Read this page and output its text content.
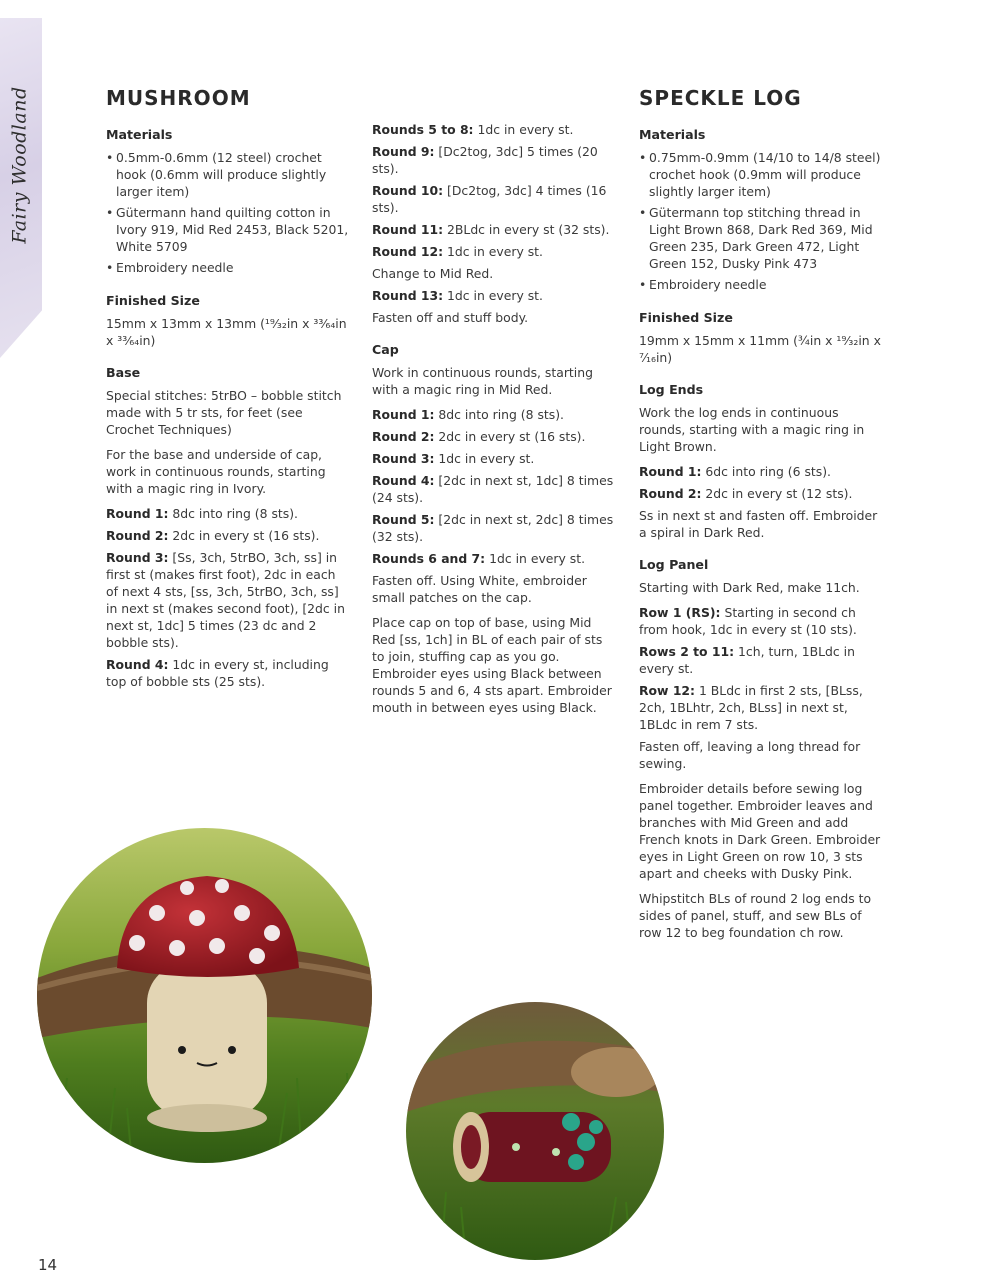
Fairy Woodland	MUSHROOM
Materials
• 0.5mm-0.6mm (12 steel) crochet hook (0.6mm will produce slightly larger item)
• Gütermann hand quilting cotton in Ivory 919, Mid Red 2453, Black 5201, White 5709
• Embroidery needle
Finished Size

15mm x 13mm x 13mm (¹⁹⁄₃₂in x ³³⁄₆₄in x ³³⁄₆₄in)

Base

Special stitches: 5trBO – bobble stitch made with 5 tr sts, for feet (see Crochet Techniques)

For the base and underside of cap, work in continuous rounds, starting with a magic ring in Ivory.

Round 1: 8dc into ring (8 sts).

Round 2: 2dc in every st (16 sts).

Round 3: [Ss, 3ch, 5trBO, 3ch, ss] in first st (makes first foot), 2dc in each of next 4 sts, [ss, 3ch, 5trBO, 3ch, ss] in next st (makes second foot), [2dc in next st, 1dc] 5 times (23 dc and 2 bobble sts).

Round 4: 1dc in every st, including top of bobble sts (25 sts).

Rounds 5 to 8: 1dc in every st.

Round 9: [Dc2tog, 3dc] 5 times (20 sts).

Round 10: [Dc2tog, 3dc] 4 times (16 sts).

Round 11: 2BLdc in every st (32 sts).

Round 12: 1dc in every st.

Change to Mid Red.

Round 13: 1dc in every st.

Fasten off and stuff body.

Cap

Work in continuous rounds, starting with a magic ring in Mid Red.

Round 1: 8dc into ring (8 sts).

Round 2: 2dc in every st (16 sts).

Round 3: 1dc in every st.

Round 4: [2dc in next st, 1dc] 8 times (24 sts).

Round 5: [2dc in next st, 2dc] 8 times (32 sts).

Rounds 6 and 7: 1dc in every st.

Fasten off. Using White, embroider small patches on the cap.

Place cap on top of base, using Mid Red [ss, 1ch] in BL of each pair of sts to join, stuffing cap as you go. Embroider eyes using Black between rounds 5 and 6, 4 sts apart. Embroider mouth in between eyes using Black.

SPECKLE LOG
Materials
• 0.75mm-0.9mm (14/10 to 14/8 steel) crochet hook (0.9mm will produce slightly larger item)
• Gütermann top stitching thread in Light Brown 868, Dark Red 369, Mid Green 235, Dark Green 472, Light Green 152, Dusky Pink 473
• Embroidery needle
Finished Size

19mm x 15mm x 11mm (¾in x ¹⁹⁄₃₂in x ⁷⁄₁₆in)

Log Ends

Work the log ends in continuous rounds, starting with a magic ring in Light Brown.

Round 1: 6dc into ring (6 sts).

Round 2: 2dc in every st (12 sts).

Ss in next st and fasten off. Embroider a spiral in Dark Red.

Log Panel

Starting with Dark Red, make 11ch.

Row 1 (RS): Starting in second ch from hook, 1dc in every st (10 sts).

Rows 2 to 11: 1ch, turn, 1BLdc in every st.

Row 12: 1 BLdc in first 2 sts, [BLss, 2ch, 1BLhtr, 2ch, BLss] in next st, 1BLdc in rem 7 sts.

Fasten off, leaving a long thread for sewing.

Embroider details before sewing log panel together. Embroider leaves and branches with Mid Green and add French knots in Dark Green. Embroider eyes in Light Green on row 10, 3 sts apart and cheeks with Dusky Pink.

Whipstitch BLs of round 2 log ends to sides of panel, stuff, and sew BLs of row 12 to beg foundation ch row.

14
